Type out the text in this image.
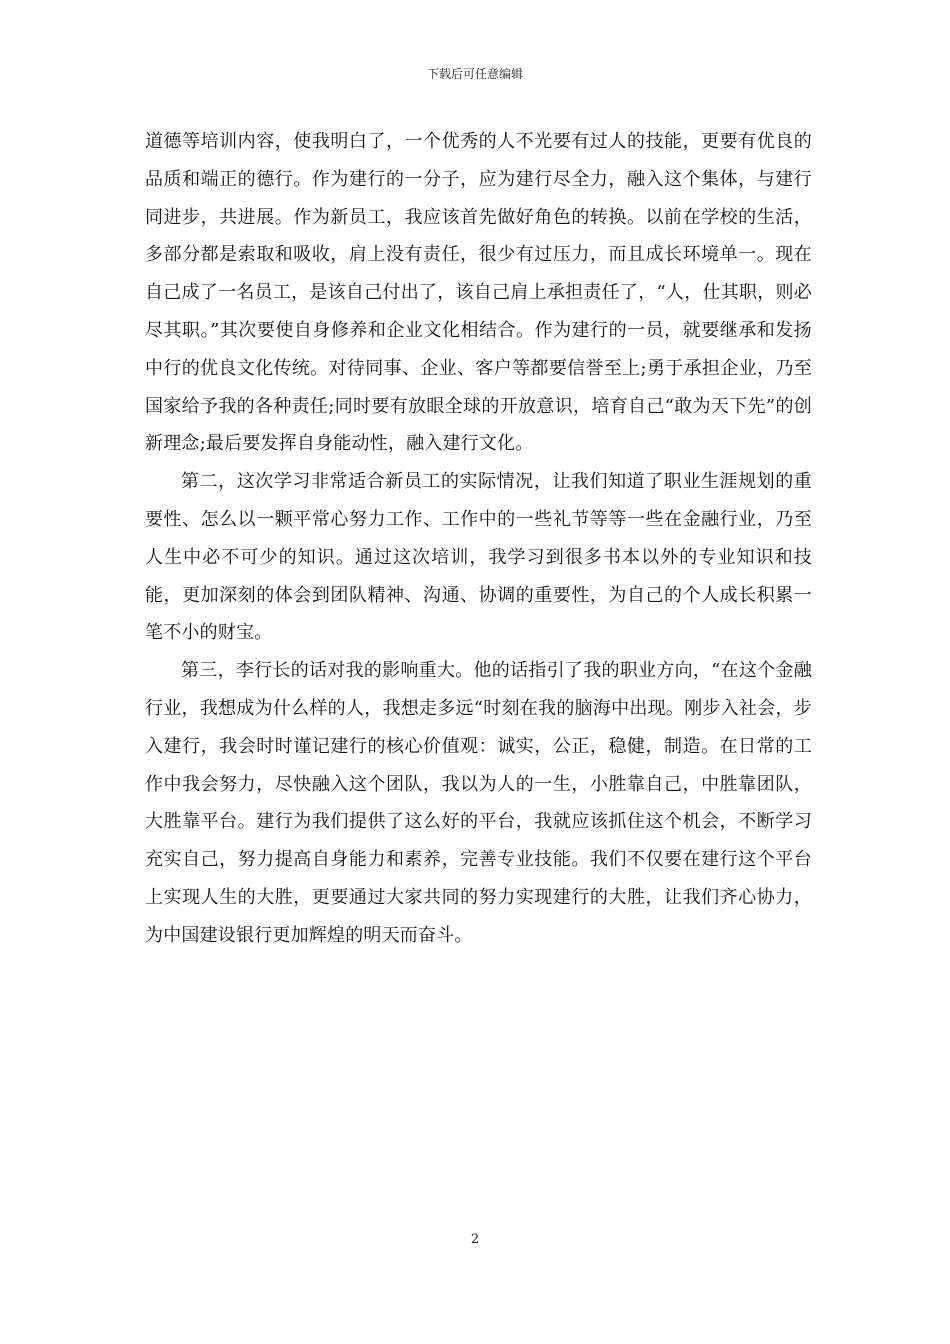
下载后可任意编辑

道德等培训内容，使我明白了，一个优秀的人不光要有过人的技能，更要有优良的品质和端正的德行。作为建行的一分子，应为建行尽全力，融入这个集体，与建行同进步，共进展。作为新员工，我应该首先做好角色的转换。以前在学校的生活，多部分都是索取和吸收，肩上没有责任，很少有过压力，而且成长环境单一。现在自己成了一名员工，是该自己付出了，该自己肩上承担责任了，“人，仕其职，则必尽其职。”其次要使自身修养和企业文化相结合。作为建行的一员，就要继承和发扬中行的优良文化传统。对待同事、企业、客户等都要信誉至上;勇于承担企业，乃至国家给予我的各种责任;同时要有放眼全球的开放意识，培育自己“敢为天下先”的创新理念;最后要发挥自身能动性，融入建行文化。

第二，这次学习非常适合新员工的实际情况，让我们知道了职业生涯规划的重要性、怎么以一颗平常心努力工作、工作中的一些礼节等等一些在金融行业，乃至人生中必不可少的知识。通过这次培训，我学习到很多书本以外的专业知识和技能，更加深刻的体会到团队精神、沟通、协调的重要性，为自己的个人成长积累一笔不小的财宝。

第三，李行长的话对我的影响重大。他的话指引了我的职业方向，“在这个金融行业，我想成为什么样的人，我想走多远“时刻在我的脑海中出现。刚步入社会，步入建行，我会时时谨记建行的核心价值观：诚实，公正，稳健，制造。在日常的工作中我会努力，尽快融入这个团队，我以为人的一生，小胜靠自己，中胜靠团队，大胜靠平台。建行为我们提供了这么好的平台，我就应该抓住这个机会，不断学习充实自己，努力提高自身能力和素养，完善专业技能。我们不仅要在建行这个平台上实现人生的大胜，更要通过大家共同的努力实现建行的大胜，让我们齐心协力，为中国建设银行更加辉煌的明天而奋斗。

2
